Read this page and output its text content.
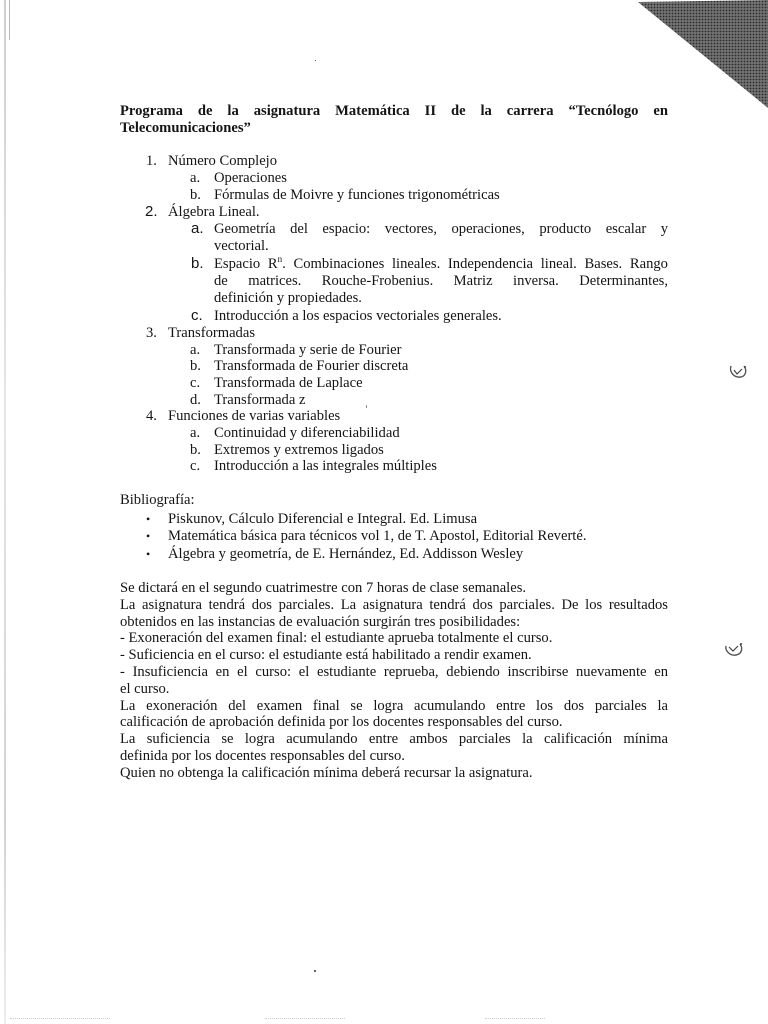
Programa de la asignatura Matemática II de la carrera “Tecnólogo en
Telecomunicaciones”
1. Número Complejo
a. Operaciones
b. Fórmulas de Moivre y funciones trigonométricas
2. Álgebra Lineal.
a. Geometría del espacio: vectores, operaciones, producto escalar y
vectorial.
b. Espacio $R^n$. Combinaciones lineales. Independencia lineal. Bases. Rango
de matrices. Rouche-Frobenius. Matriz inversa. Determinantes,
definición y propiedades.
c. Introducción a los espacios vectoriales generales.
3. Transformadas
a. Transformada y serie de Fourier
b. Transformada de Fourier discreta
c. Transformada de Laplace
d. Transformada z
4. Funciones de varias variables
a. Continuidad y diferenciabilidad
b. Extremos y extremos ligados
c. Introducción a las integrales múltiples
Bibliografía:
• Piskunov, Cálculo Diferencial e Integral. Ed. Limusa
• Matemática básica para técnicos vol 1, de T. Apostol, Editorial Reverté.
• Álgebra y geometría, de E. Hernández, Ed. Addisson Wesley
Se dictará en el segundo cuatrimestre con 7 horas de clase semanales.
La asignatura tendrá dos parciales. La asignatura tendrá dos parciales. De los resultados
obtenidos en las instancias de evaluación surgirán tres posibilidades:
- Exoneración del examen final: el estudiante aprueba totalmente el curso.
- Suficiencia en el curso: el estudiante está habilitado a rendir examen.
- Insuficiencia en el curso: el estudiante reprueba, debiendo inscribirse nuevamente en
el curso.
La exoneración del examen final se logra acumulando entre los dos parciales la
calificación de aprobación definida por los docentes responsables del curso.
La suficiencia se logra acumulando entre ambos parciales la calificación mínima
definida por los docentes responsables del curso.
Quien no obtenga la calificación mínima deberá recursar la asignatura.
